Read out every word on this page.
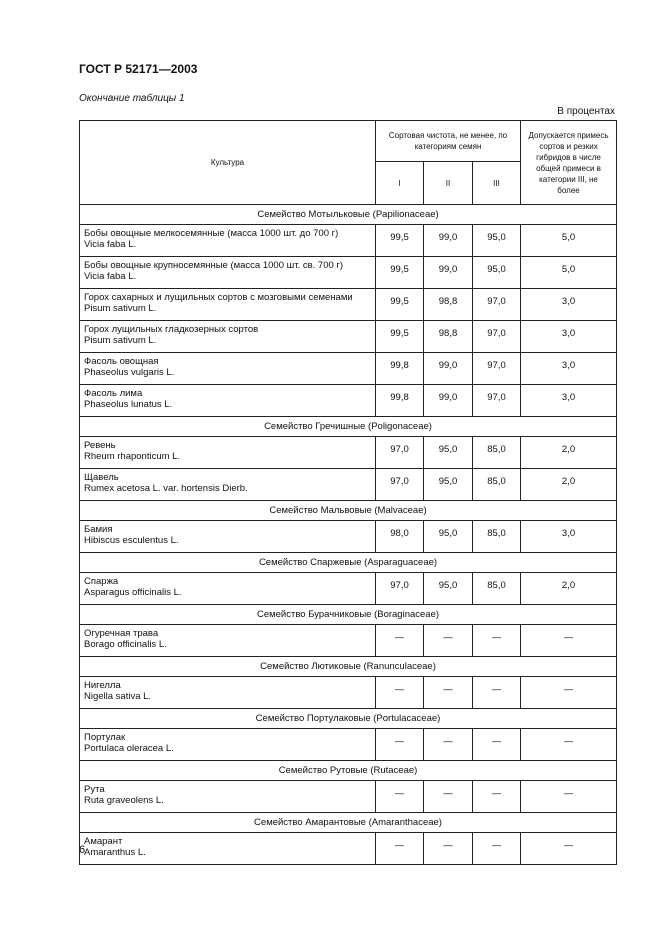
ГОСТ Р 52171—2003
Окончание таблицы 1
В процентах
Культура	Сортовая чистота, не менее, по категориям семян			Допускается примесь сортов и резких гибридов в числе общей примеси в категории III, не более
	I	II	III	
Семейство Мотыльковые (Papilionaceae)				

Бобы овощные мелкосемянные (масса 1000 шт. до 700 г)
Vicia faba L.	99,5	99,0	95,0	5,0

Бобы овощные крупносемянные (масса 1000 шт. св. 700 г)
Vicia faba L.	99,5	99,0	95,0	5,0

Горох сахарных и лущильных сортов с мозговыми семенами
Pisum sativum L.	99,5	98,8	97,0	3,0

Горох лущильных гладкозерных сортов
Pisum sativum L.	99,5	98,8	97,0	3,0

Фасоль овощная
Phaseolus vulgaris L.	99,8	99,0	97,0	3,0

Фасоль лима
Phaseolus lunatus L.	99,8	99,0	97,0	3,0
Семейство Гречишные (Poligonaceae)				

Ревень
Rheum rhaponticum L.	97,0	95,0	85,0	2,0

Щавель
Rumex acetosa L. var. hortensis Dierb.	97,0	95,0	85,0	2,0
Семейство Мальвовые (Malvaceae)				

Бамия
Hibiscus esculentus L.	98,0	95,0	85,0	3,0
Семейство Спаржевые (Asparaguaceae)				

Спаржа
Asparagus officinalis L.	97,0	95,0	85,0	2,0
Семейство Бурачниковые (Boraginaceae)				

Огуречная трава
Borago officinalis L.	—	—	—	—
Семейство Лютиковые (Ranunculaceae)				

Нигелла
Nigella sativa L.	—	—	—	—
Семейство Портулаковые (Portulacaceae)				

Портулак
Portulaca oleracea L.	—	—	—	—
Семейство Рутовые (Rutaceae)				

Рута
Ruta graveolens L.	—	—	—	—
Семейство Амарантовые (Amaranthaceae)				

Амарант
Amaranthus L.	—	—	—	—
6
